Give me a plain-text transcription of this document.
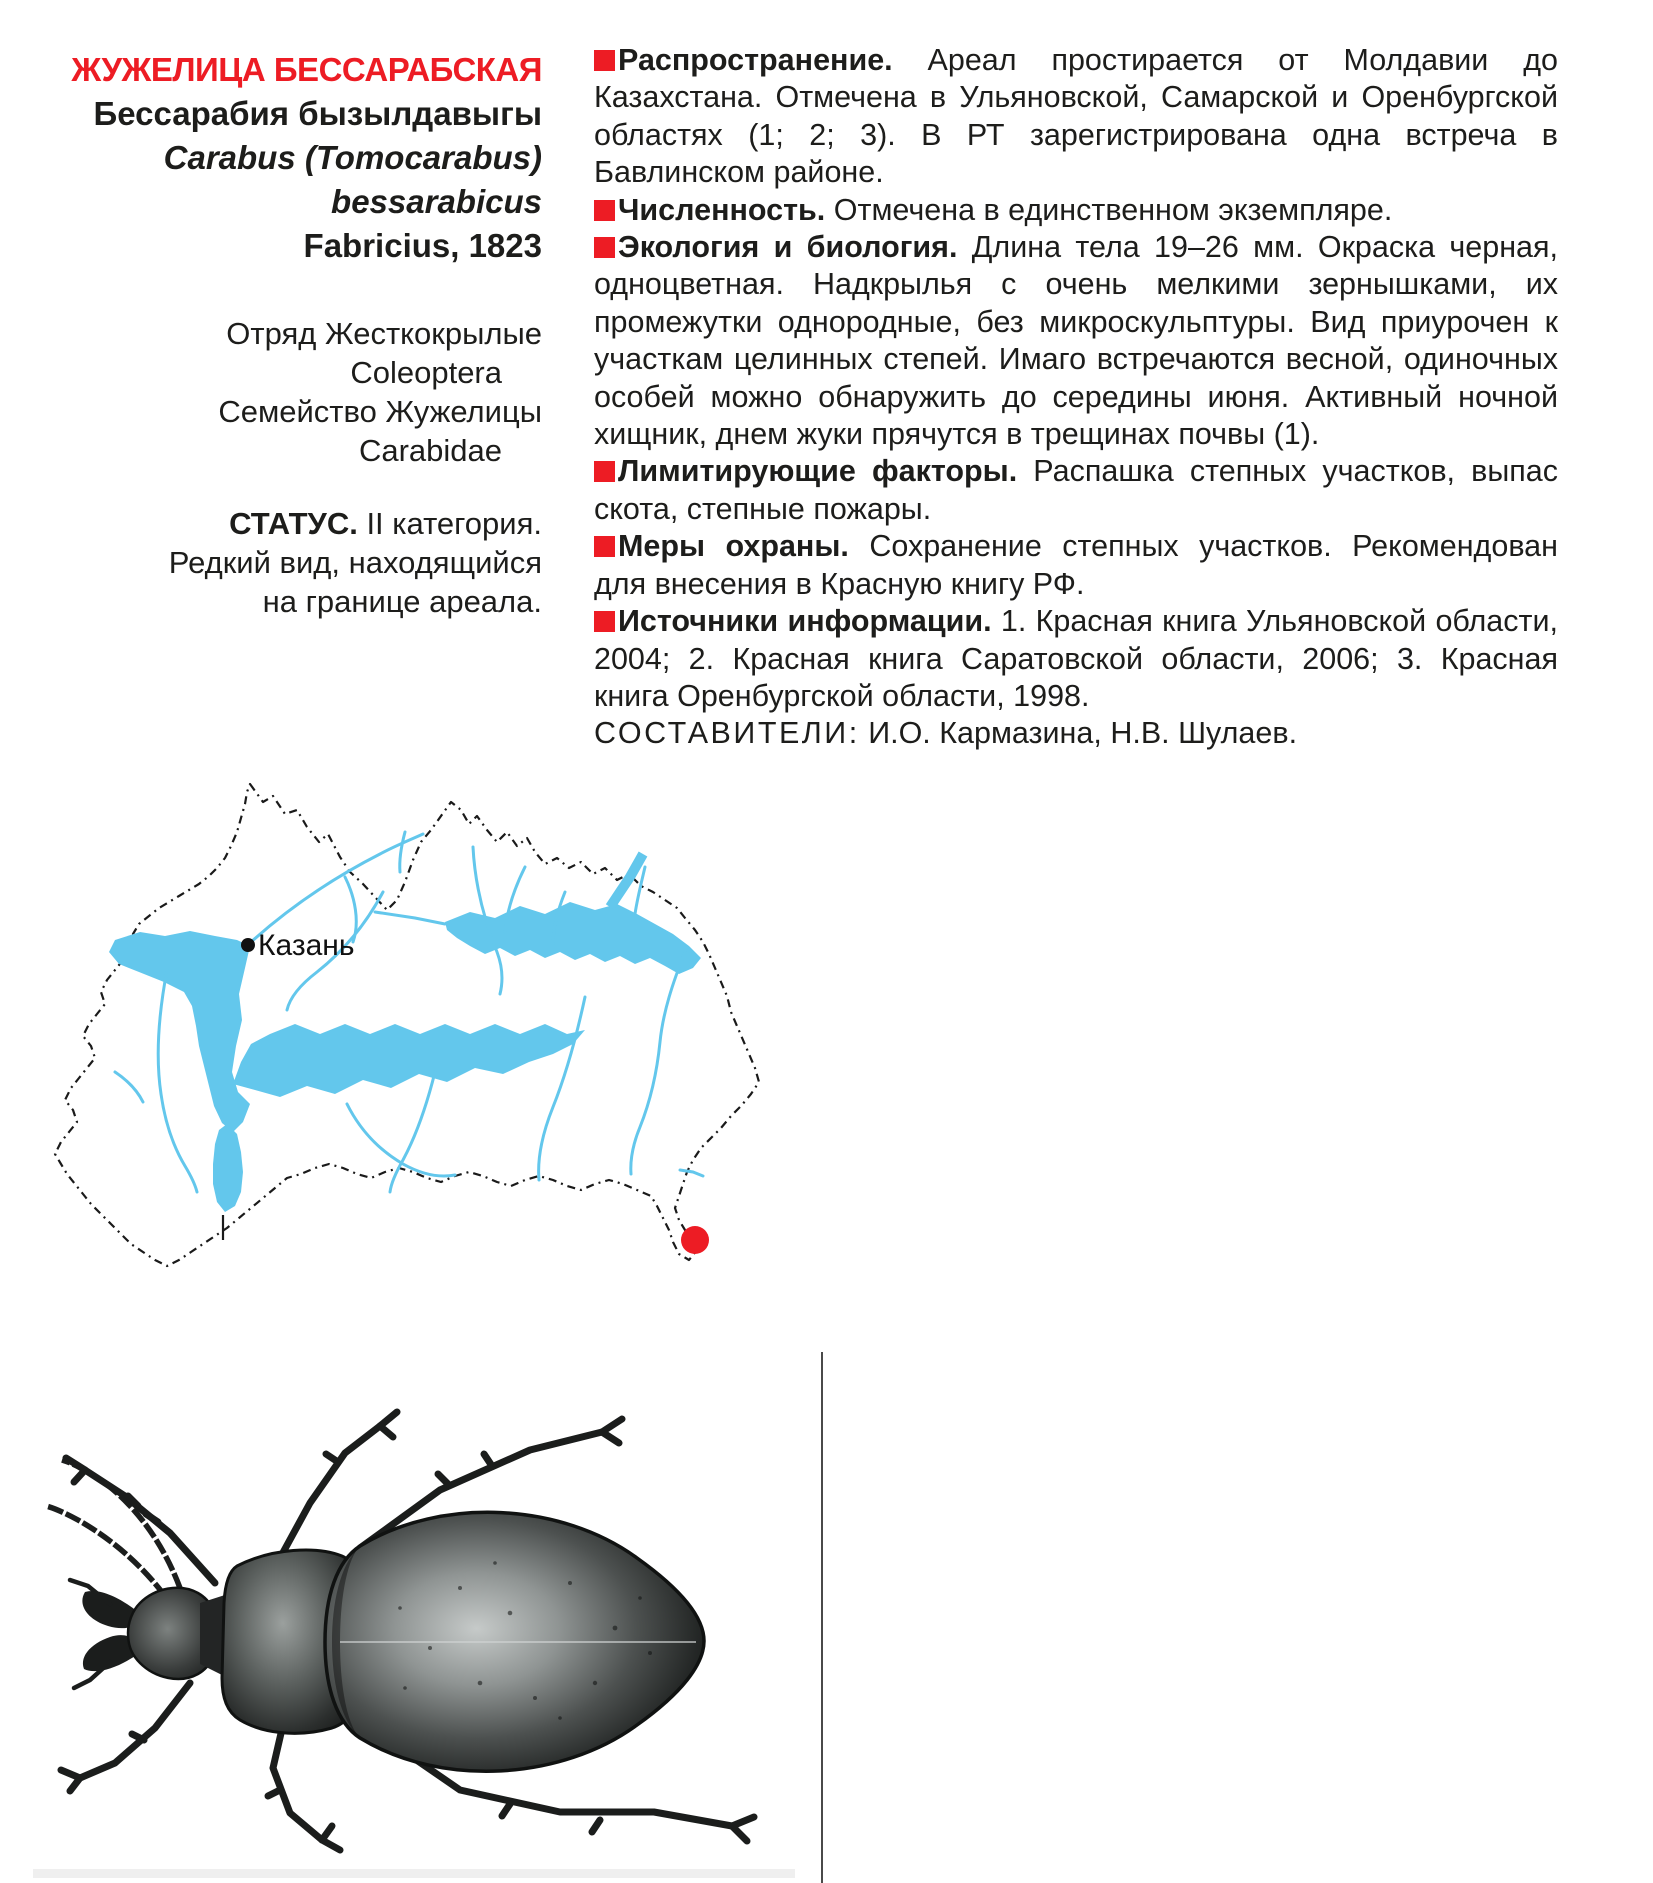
ЖУЖЕЛИЦА БЕССАРАБСКАЯ
Бессарабия бызылдавыгы
Carabus (Tomocarabus)
bessarabicus
Fabricius, 1823
Отряд Жесткокрылые
Coleoptera
Семейство Жужелицы
Carabidae
СТАТУС. II категория.
Редкий вид, находящийся
на границе ареала.

Распространение. Ареал простирается от Молдавии до Казахстана. Отмечена в Ульяновской, Самарской и Оренбургской областях (1; 2; 3). В РТ зарегистрирована одна встреча в Бавлинском районе.

Численность. Отмечена в единственном экземпляре.

Экология и биология. Длина тела 19–26 мм. Окраска черная, одноцветная. Надкрылья с очень мелкими зернышками, их промежутки однородные, без микроскульптуры. Вид приурочен к участкам целинных степей. Имаго встречаются весной, одиночных особей можно обнаружить до середины июня. Активный ночной хищник, днем жуки прячутся в трещинах почвы (1).

Лимитирующие факторы. Распашка степных участков, выпас скота, степные пожары.

Меры охраны. Сохранение степных участков. Рекомендован для внесения в Красную книгу РФ.

Источники информации. 1. Красная книга Ульяновской области, 2004; 2. Красная книга Саратовской области, 2006; 3. Красная книга Оренбургской области, 1998.

СОСТАВИТЕЛИ: И.О. Кармазина, Н.В. Шулаев.

Казань
